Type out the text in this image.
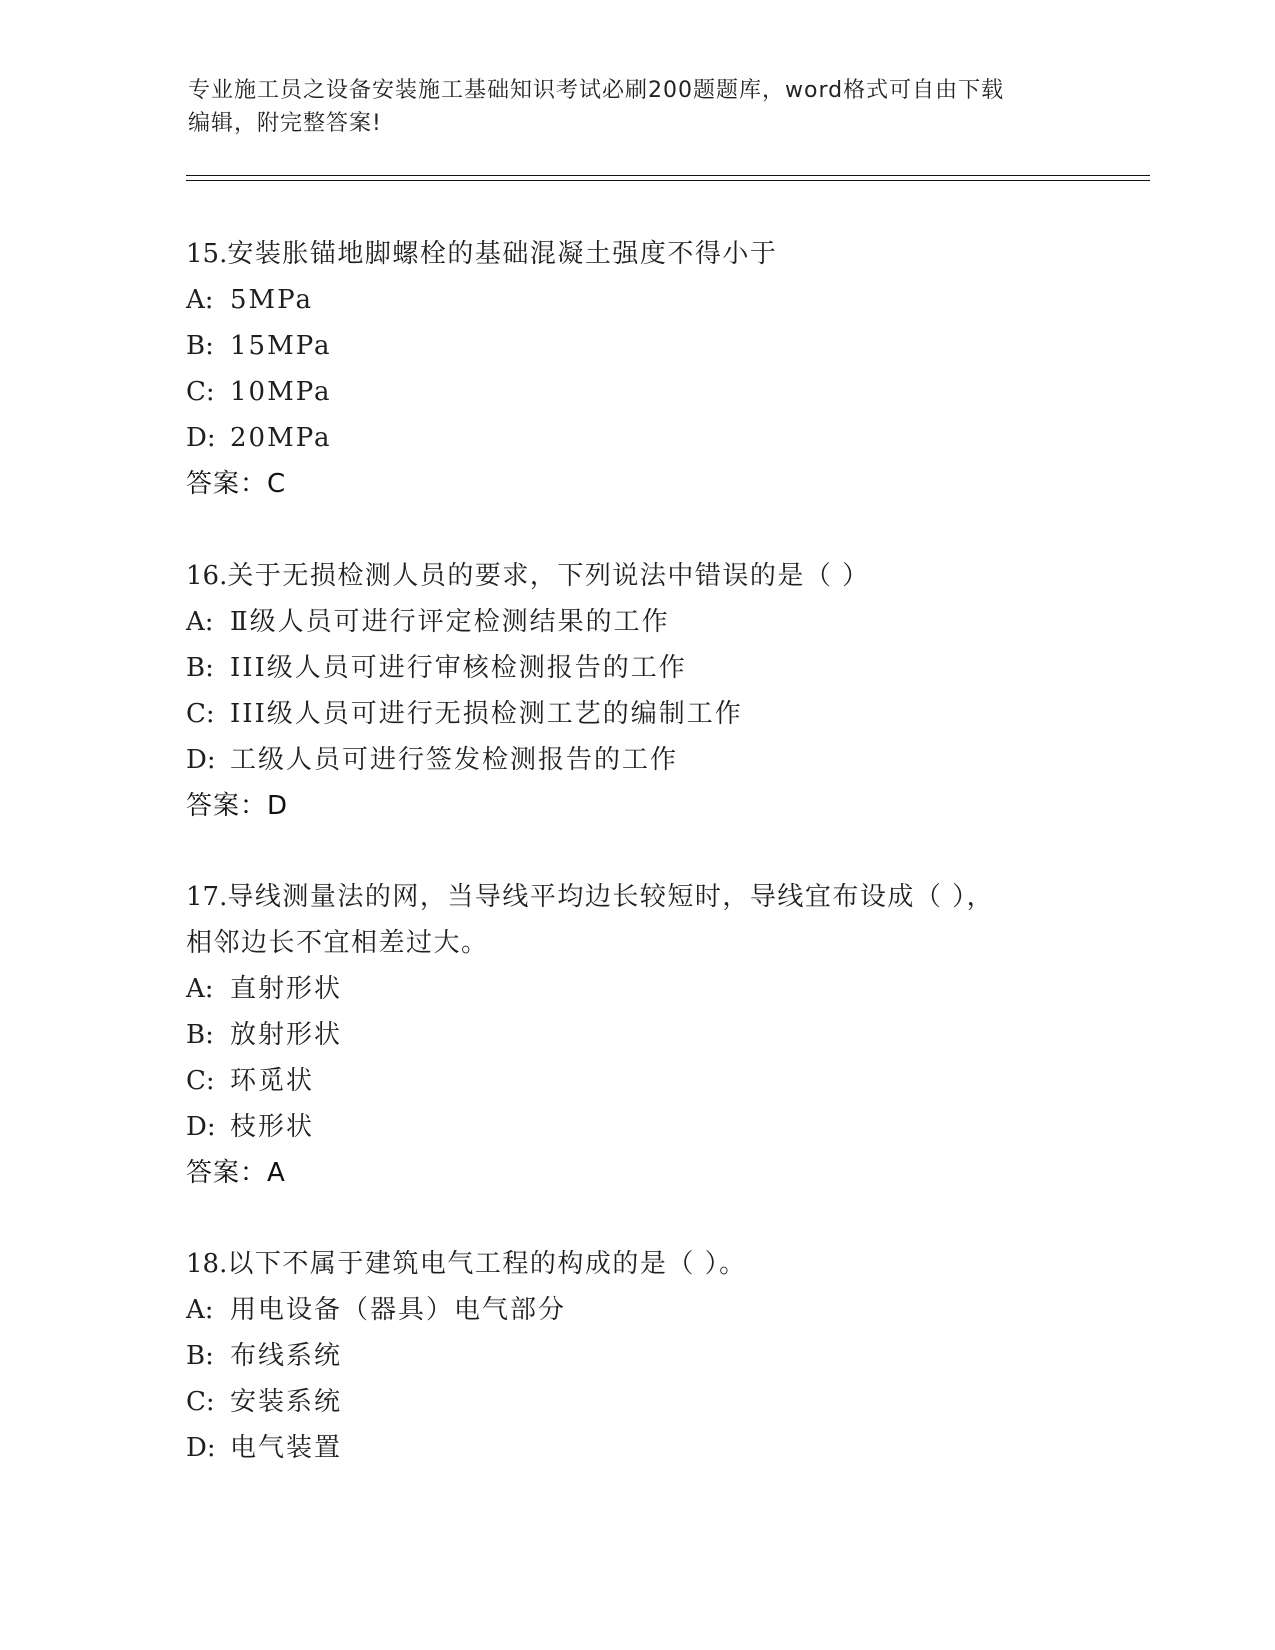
专业施工员之设备安装施工基础知识考试必刷200题题库，word格式可自由下载
编辑，附完整答案!
15.安装胀锚地脚螺栓的基础混凝土强度不得小于
A: 5MPa
B: 15MPa
C: 10MPa
D: 20MPa
答案：C
16.关于无损检测人员的要求，下列说法中错误的是（ ）
A: Ⅱ级人员可进行评定检测结果的工作
B: III级人员可进行审核检测报告的工作
C: III级人员可进行无损检测工艺的编制工作
D: 工级人员可进行签发检测报告的工作
答案：D
17.导线测量法的网，当导线平均边长较短时，导线宜布设成（ ），
相邻边长不宜相差过大。
A: 直射形状
B: 放射形状
C: 环觅状
D: 枝形状
答案：A
18.以下不属于建筑电气工程的构成的是（ ）。
A: 用电设备（器具）电气部分
B: 布线系统
C: 安装系统
D: 电气装置
